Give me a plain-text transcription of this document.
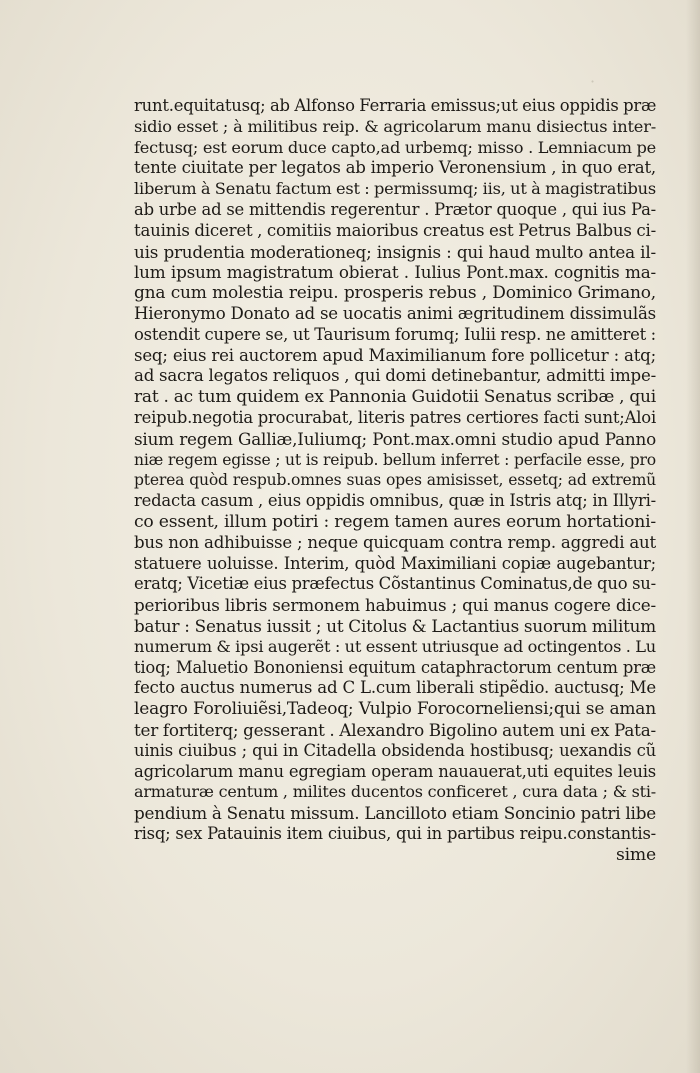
·
runt.equitatusq; ab Alfonso Ferraria emissus;ut eius oppidis præ
sidio esset ; à militibus reip. & agricolarum manu disiectus inter-
fectusq; est eorum duce capto,ad urbemq; misso . Lemniacum pe
tente ciuitate per legatos ab imperio Veronensium , in quo erat,
liberum à Senatu factum est : permissumq; iis, ut à magistratibus
ab urbe ad se mittendis regerentur . Prætor quoque , qui ius Pa-
tauinis diceret , comitiis maioribus creatus est Petrus Balbus ci-
uis prudentia moderationeq; insignis : qui haud multo antea il-
lum ipsum magistratum obierat . Iulius Pont.max. cognitis ma-
gna cum molestia reipu. prosperis rebus , Dominico Grimano,
Hieronymo Donato ad se uocatis animi ægritudinem dissimulãs
ostendit cupere se, ut Taurisum forumq; Iulii resp. ne amitteret :
seq; eius rei auctorem apud Maximilianum fore pollicetur : atq;
ad sacra legatos reliquos , qui domi detinebantur, admitti impe-
rat . ac tum quidem ex Pannonia Guidotii Senatus scribæ , qui
reipub.negotia procurabat, literis patres certiores facti sunt;Aloi
sium regem Galliæ,Iuliumq; Pont.max.omni studio apud Panno
niæ regem egisse ; ut is reipub. bellum inferret : perfacile esse, pro
pterea quòd respub.omnes suas opes amisisset, essetq; ad extremũ
redacta casum , eius oppidis omnibus, quæ in Istris atq; in Illyri-
co essent, illum potiri : regem tamen aures eorum hortationi-
bus non adhibuisse ; neque quicquam contra remp. aggredi aut
statuere uoluisse. Interim, quòd Maximiliani copiæ augebantur;
eratq; Vicetiæ eius præfectus Cõstantinus Cominatus,de quo su-
perioribus libris sermonem habuimus ; qui manus cogere dice-
batur : Senatus iussit ; ut Citolus & Lactantius suorum militum
numerum & ipsi augerẽt : ut essent utriusque ad octingentos . Lu
tioq; Maluetio Bononiensi equitum cataphractorum centum præ
fecto auctus numerus ad C L.cum liberali stipẽdio. auctusq; Me
leagro Foroliuiẽsi,Tadeoq; Vulpio Forocorneliensi;qui se aman
ter fortiterq; gesserant . Alexandro Bigolino autem uni ex Pata-
uinis ciuibus ; qui in Citadella obsidenda hostibusq; uexandis cũ
agricolarum manu egregiam operam nauauerat,uti equites leuis
armaturæ centum , milites ducentos conficeret , cura data ; & sti-
pendium à Senatu missum. Lancilloto etiam Soncinio patri libe
risq; sex Patauinis item ciuibus, qui in partibus reipu.constantis-
sime
